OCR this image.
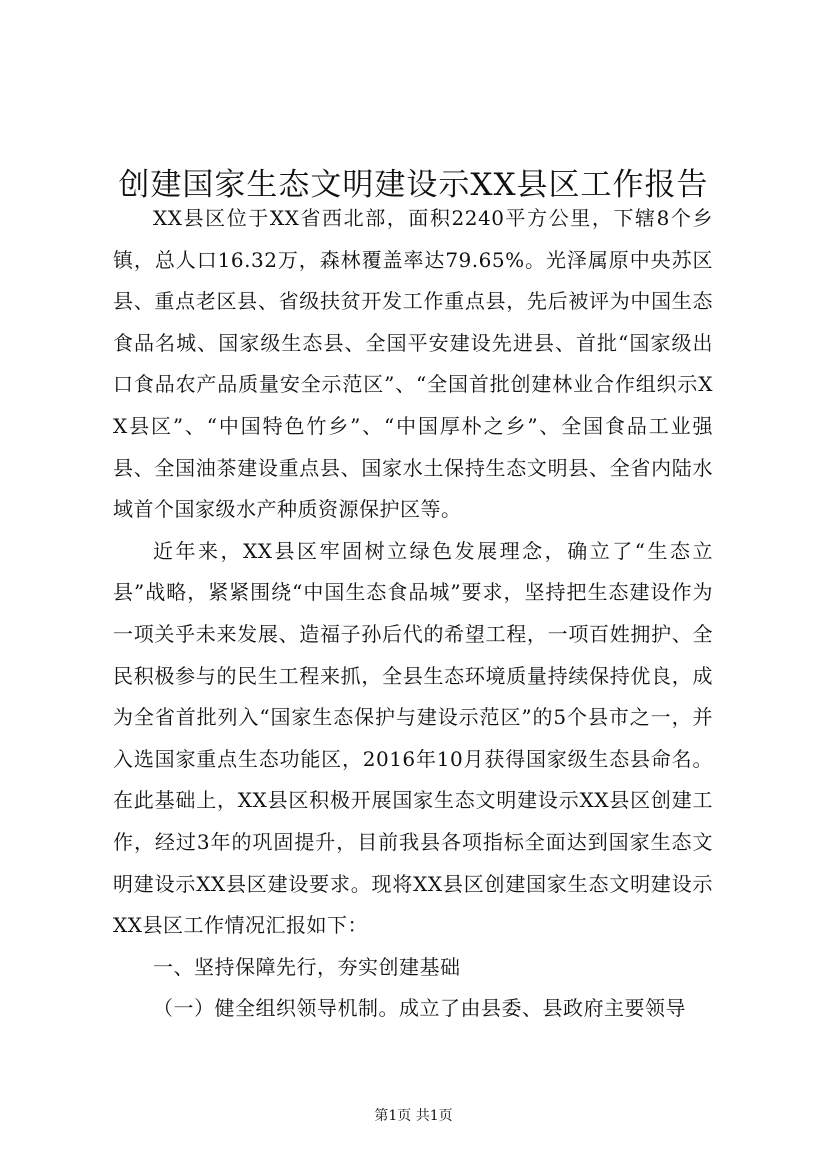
创建国家生态文明建设示XX县区工作报告

XX县区位于XX省西北部，面积2240平方公里，下辖8个乡镇，总人口16.32万，森林覆盖率达79.65%。光泽属原中央苏区县、重点老区县、省级扶贫开发工作重点县，先后被评为中国生态食品名城、国家级生态县、全国平安建设先进县、首批“国家级出口食品农产品质量安全示范区”、“全国首批创建林业合作组织示XX县区”、“中国特色竹乡”、“中国厚朴之乡”、全国食品工业强县、全国油茶建设重点县、国家水土保持生态文明县、全省内陆水域首个国家级水产种质资源保护区等。

近年来，XX县区牢固树立绿色发展理念，确立了“生态立县”战略，紧紧围绕“中国生态食品城”要求，坚持把生态建设作为一项关乎未来发展、造福子孙后代的希望工程，一项百姓拥护、全民积极参与的民生工程来抓，全县生态环境质量持续保持优良，成为全省首批列入“国家生态保护与建设示范区”的5个县市之一，并入选国家重点生态功能区，2016年10月获得国家级生态县命名。在此基础上，XX县区积极开展国家生态文明建设示XX县区创建工作，经过3年的巩固提升，目前我县各项指标全面达到国家生态文明建设示XX县区建设要求。现将XX县区创建国家生态文明建设示XX县区工作情况汇报如下：

一、坚持保障先行，夯实创建基础

（一）健全组织领导机制。成立了由县委、县政府主要领导

第1页 共1页
